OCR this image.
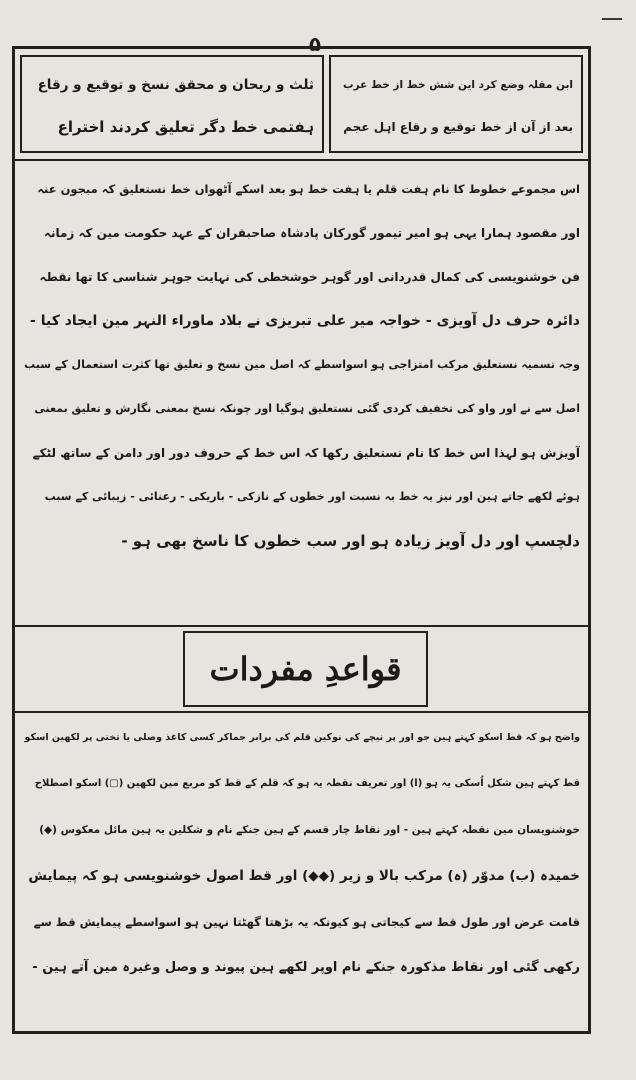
۵
ابن مقلہ وضع کرد این شش خط از خط عرب
بعد از آن از خط توقیع و رقاع اہل عجم
ثلث و ریحان و محقق نسخ و توقیع و رقاع
ہفتمی خط دگر تعلیق کردند اختراع

اس مجموعے خطوط کا نام ہفت قلم یا ہفت خط ہو بعد اسکے آٹھواں خط نستعلیق کہ مبجون عنہ

اور مقصود ہمارا یہی ہو امیر تیمور گورکان پادشاہ صاحبقران کے عہد حکومت مین کہ زمانہ

فن خوشنویسی کی کمال قدردانی اور گوہر خوشخطی کی نہایت جوہر شناسی کا تھا نقطہ

دائرہ حرف دل آویزی - خواجہ میر علی تبریزی نے بلاد ماوراء النہر مین ایجاد کیا -

وجہ تسمیہ نستعلیق مرکب امتزاجی ہو اسواسطے کہ اصل مین نسخ و تعلیق تھا کثرت استعمال کے سبب

اصل سے نے اور واو کی تخفیف کردی گئی نستعلیق ہوگیا اور چونکہ نسخ بمعنی نگارش و تعلیق بمعنی

آویزش ہو لہذا اس خط کا نام نستعلیق رکھا کہ اس خط کے حروف دور اور دامن کے ساتھ لٹکے

ہوئے لکھے جاتے ہین اور نیز یہ خط بہ نسبت اور خطوں کے نازکی - باریکی - رعنائی - زیبائی کے سبب

دلچسپ اور دل آویز زیادہ ہو اور سب خطوں کا ناسخ بھی ہو -

قواعدِ مفردات

واضح ہو کہ قط اسکو کہتے ہین جو اور پر نیچے کی نوکین قلم کی برابر جماکر کسی کاغذ وصلی یا تختی پر لکھین اسکو

قط کہتے ہین شکل اُسکی یہ ہو (ا) اور تعریف نقطہ یہ ہو کہ قلم کے قط کو مربع مین لکھین (▢) اسکو اصطلاح

خوشنویسان مین نقطہ کہتے ہین - اور نقاط چار قسم کے ہین جنکے نام و شکلین یہ ہین مائل معکوس (◆)

خمیدہ (ب) مدوّر (ہ) مرکب بالا و زیر (◆◆) اور قط اصول خوشنویسی ہو کہ پیمایش

قامت عرض اور طول قط سے کیجاتی ہو کیونکہ یہ بڑھتا گھٹتا نہین ہو اسواسطے پیمایش قط سے

رکھی گئی اور نقاط مذکورہ جنکے نام اوپر لکھے ہین پیوند و وصل وغیرہ مین آتے ہین -
